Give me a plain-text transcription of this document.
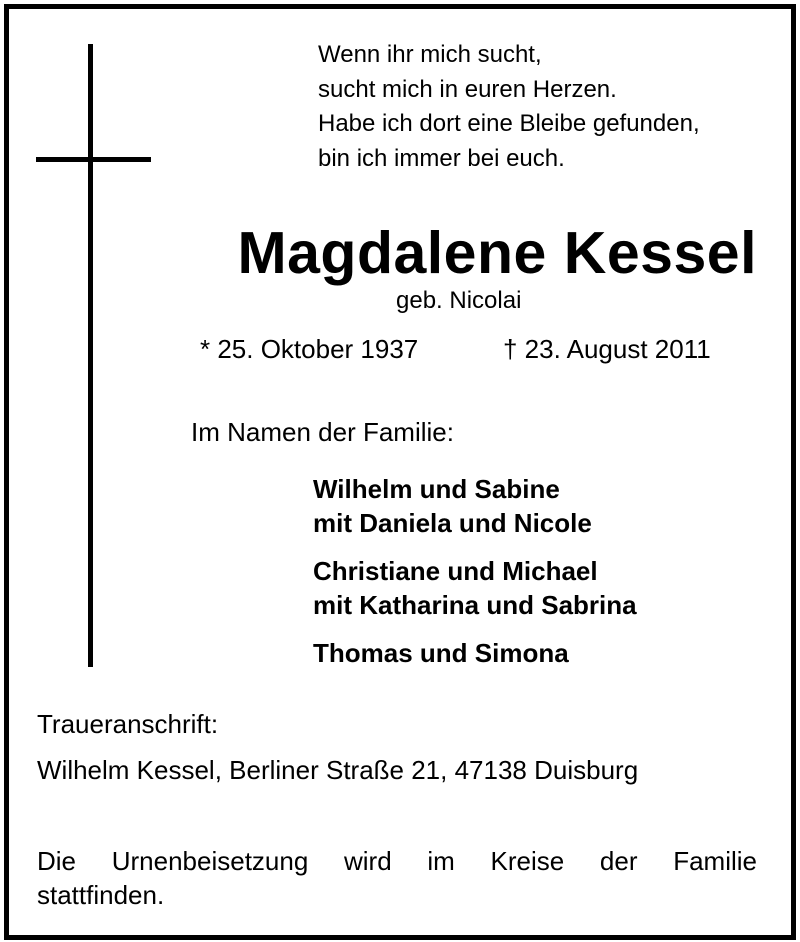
Wenn ihr mich sucht,
sucht mich in euren Herzen.
Habe ich dort eine Bleibe gefunden,
bin ich immer bei euch.
Magdalene Kessel
geb. Nicolai
* 25. Oktober 1937	† 23. August 2011
Im Namen der Familie:
Wilhelm und Sabine
mit Daniela und Nicole
Christiane und Michael
mit Katharina und Sabrina
Thomas und Simona
Traueranschrift:
Wilhelm Kessel, Berliner Straße 21, 47138 Duisburg
Die Urnenbeisetzung wird im Kreise der Familie
stattfinden.
